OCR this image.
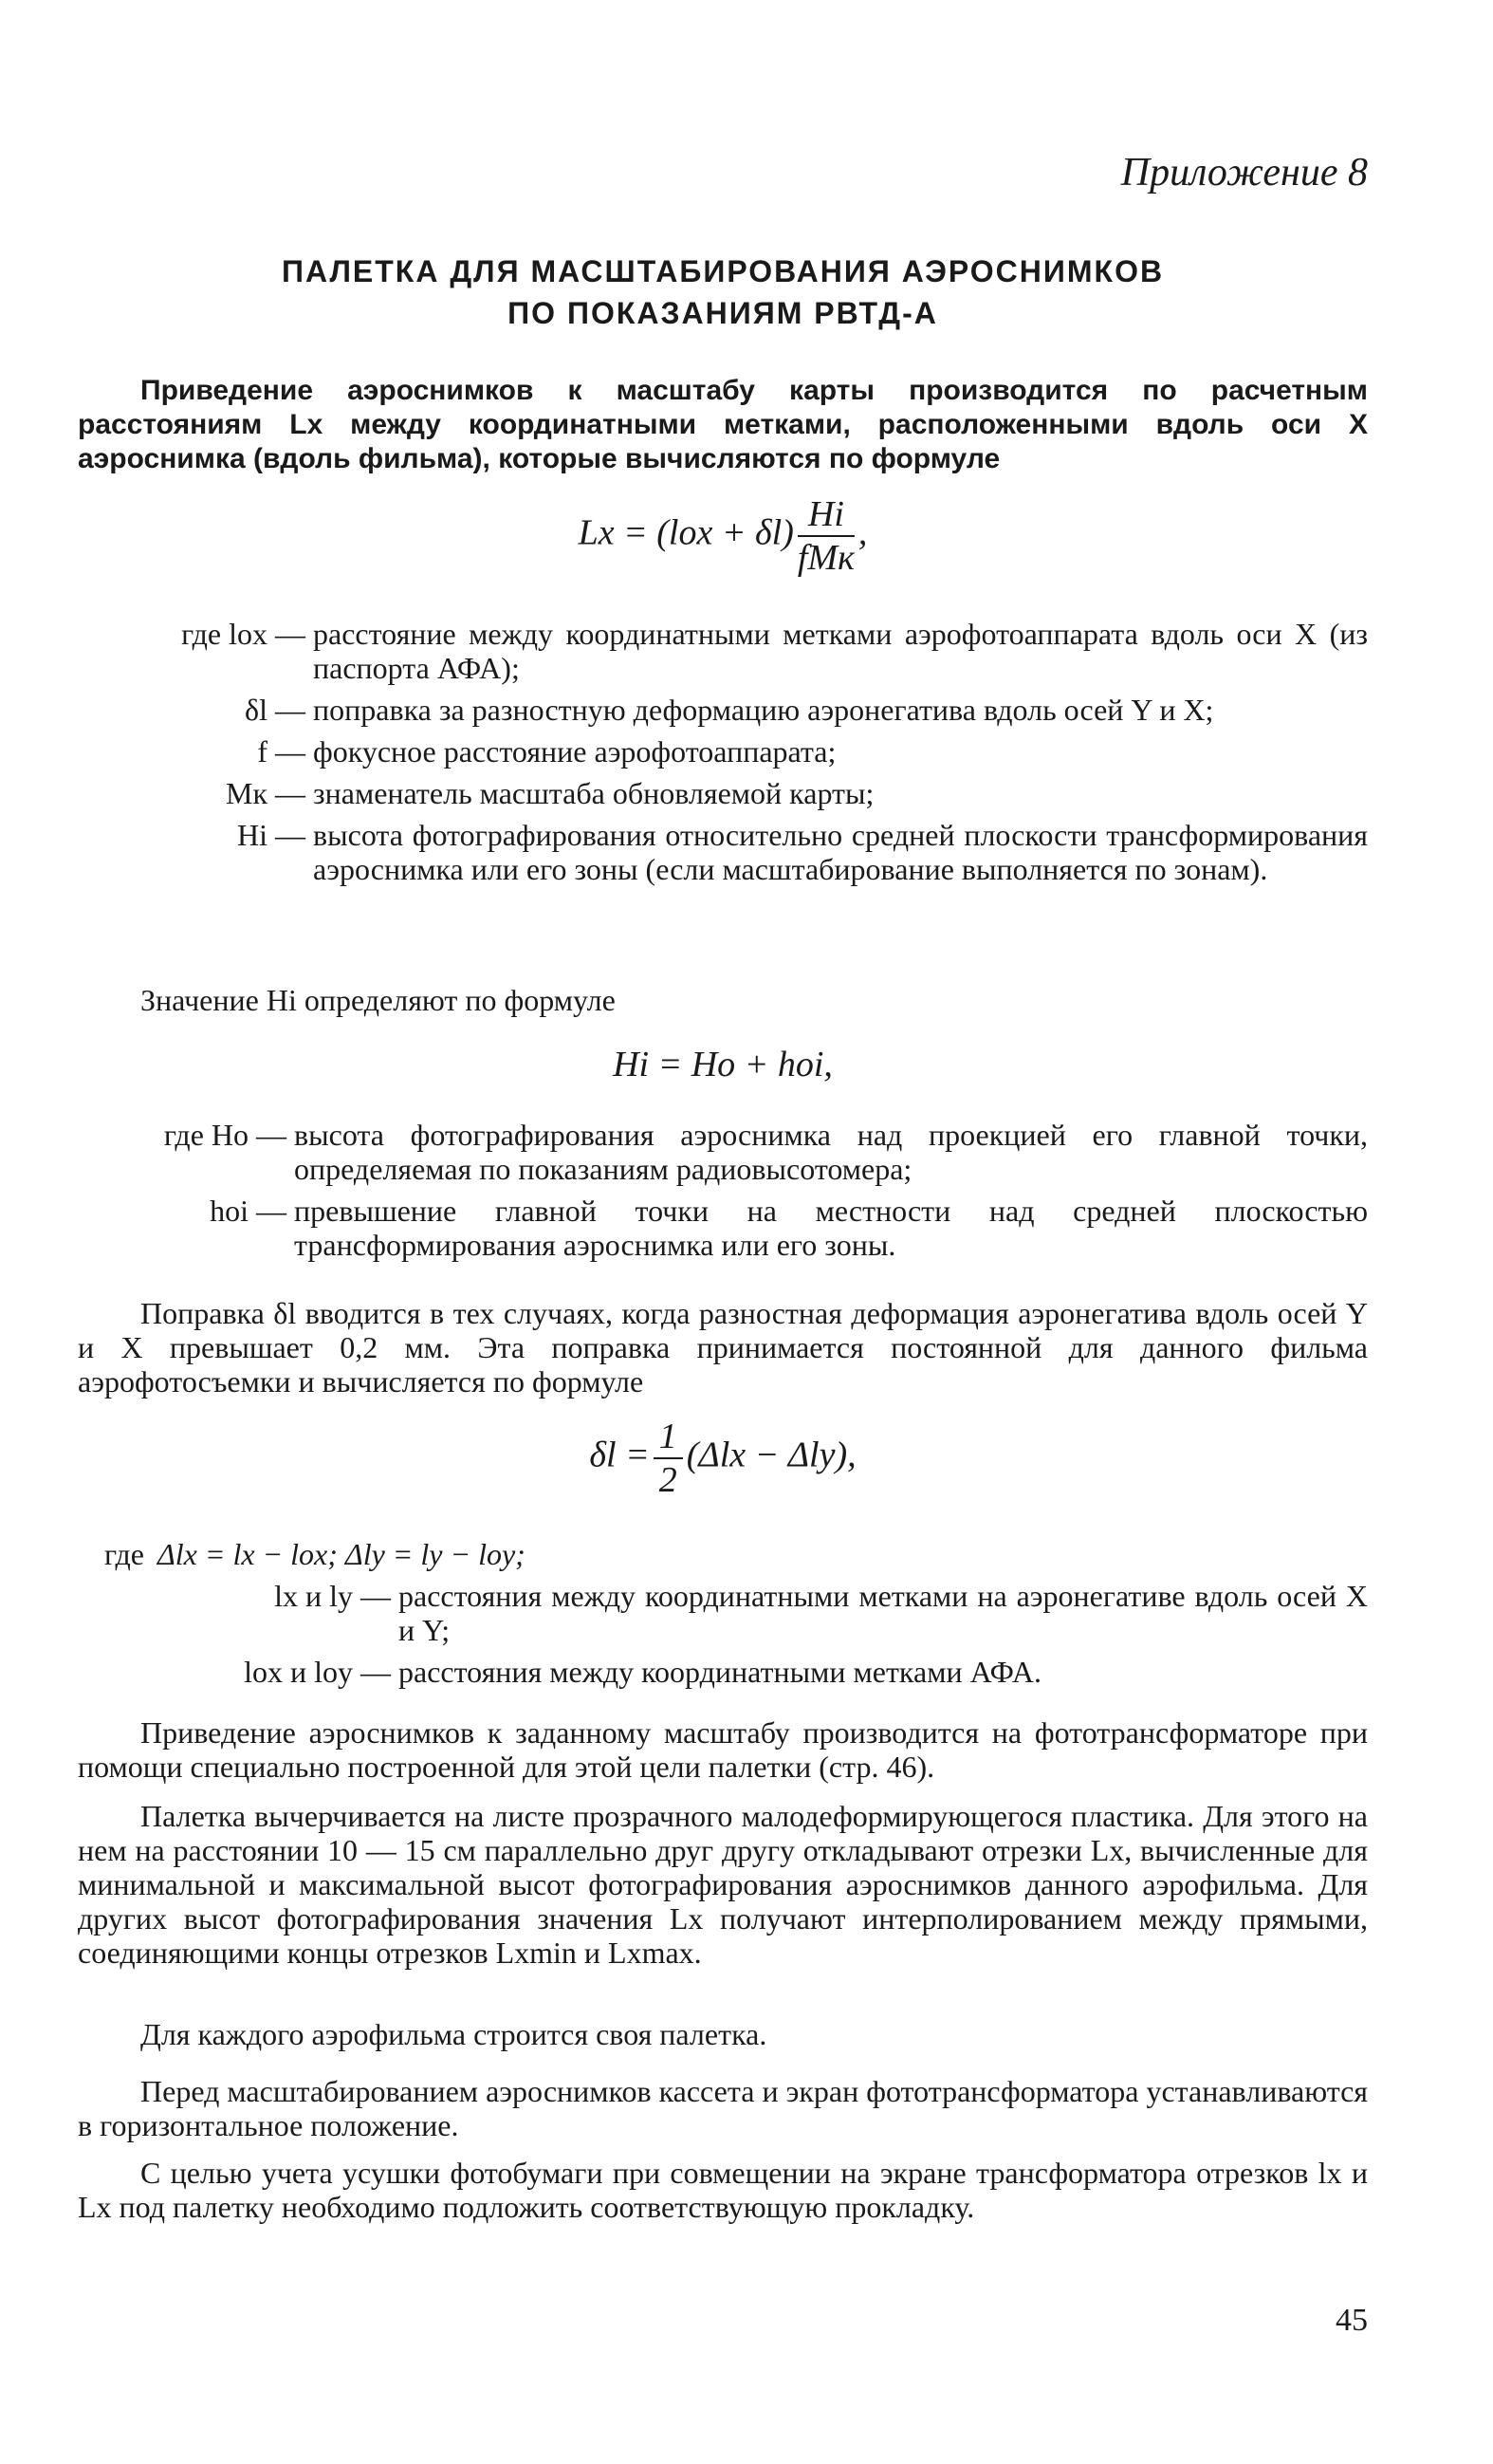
Приложение 8
ПАЛЕТКА ДЛЯ МАСШТАБИРОВАНИЯ АЭРОСНИМКОВ
ПО ПОКАЗАНИЯМ РВТД-А
Приведение аэроснимков к масштабу карты производится по расчетным расстояниям Lx между координатными метками, расположенными вдоль оси X аэроснимка (вдоль фильма), которые вычисляются по формуле
$Lx = (lox + \delta l) \frac{Hi}{\text{fMк}}$ ,
где lox — расстояние между координатными метками аэрофотоаппарата вдоль оси X (из паспорта АФА);
δl — поправка за разностную деформацию аэронегатива вдоль осей Y и X;
f — фокусное расстояние аэрофотоаппарата;
Mк — знаменатель масштаба обновляемой карты;
Hi — высота фотографирования относительно средней плоскости трансформирования аэроснимка или его зоны (если масштабирование выполняется по зонам).
Значение Hi определяют по формуле
Hi = Ho + hoi,
где Ho — высота фотографирования аэроснимка над проекцией его главной точки, определяемая по показаниям радиовысотомера;
hoi — превышение главной точки на местности над средней плоскостью трансформирования аэроснимка или его зоны.
Поправка δl вводится в тех случаях, когда разностная деформация аэронегатива вдоль осей Y и X превышает 0,2 мм. Эта поправка принимается постоянной для данного фильма аэрофотосъемки и вычисляется по формуле
$\delta l = \frac{1}{2} (\Delta lx - \Delta ly)$,
где Δlx = lx − lox; Δly = ly − loy;
lx и ly — расстояния между координатными метками на аэронегативе вдоль осей X и Y;
lox и loy — расстояния между координатными метками АФА.
Приведение аэроснимков к заданному масштабу производится на фототрансформаторе при помощи специально построенной для этой цели палетки (стр. 46).
Палетка вычерчивается на листе прозрачного малодеформирующегося пластика. Для этого на нем на расстоянии 10 — 15 см параллельно друг другу откладывают отрезки Lx, вычисленные для минимальной и максимальной высот фотографирования аэроснимков данного аэрофильма. Для других высот фотографирования значения Lx получают интерполированием между прямыми, соединяющими концы отрезков Lxmin и Lxmax.
Для каждого аэрофильма строится своя палетка.
Перед масштабированием аэроснимков кассета и экран фототрансформатора устанавливаются в горизонтальное положение.
С целью учета усушки фотобумаги при совмещении на экране трансформатора отрезков lx и Lx под палетку необходимо подложить соответствующую прокладку.
45
